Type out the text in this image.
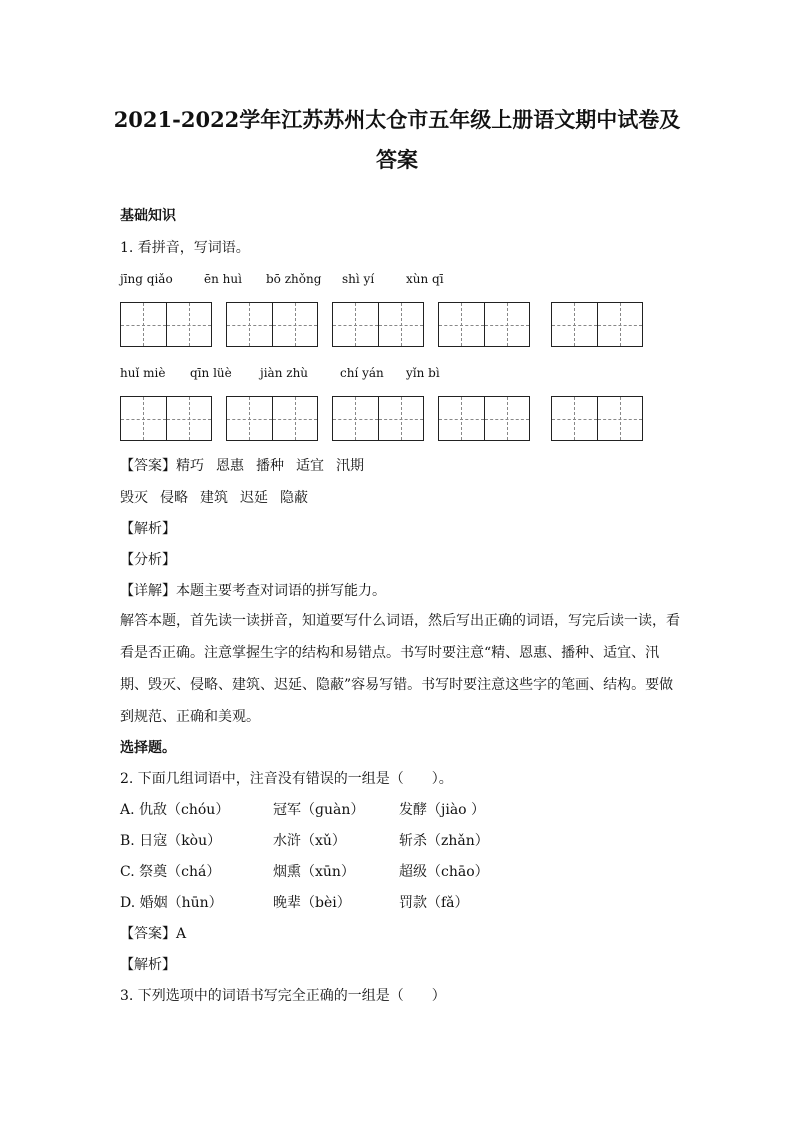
2021-2022学年江苏苏州太仓市五年级上册语文期中试卷及
答案
基础知识
1. 看拼音，写词语。
jīng qiǎo	ēn huì bō zhǒng shì yí	xùn qī
huǐ miè qīn lüè jiàn zhù	chí yán yǐn bì
【答案】精巧 恩惠 播种 适宜 汛期
毁灭 侵略 建筑 迟延 隐蔽
【解析】
【分析】
【详解】本题主要考查对词语的拼写能力。
解答本题，首先读一读拼音，知道要写什么词语，然后写出正确的词语，写完后读一读，看看是否正确。注意掌握生字的结构和易错点。书写时要注意“精、恩惠、播种、适宜、汛期、毁灭、侵略、建筑、迟延、隐蔽”容易写错。书写时要注意这些字的笔画、结构。要做到规范、正确和美观。
选择题。
2. 下面几组词语中，注音没有错误的一组是（　　）。
A. 仇敌（chóu）	冠军（ɡuàn） 发酵（jiào ）
B. 日寇（kòu）	水浒（xǔ）	斩杀（zhǎn）
C. 祭奠（chá）	烟熏（xūn）	超级（chāo）
D. 婚姻（hūn）	晚辈（bèi）	罚款（fǎ）
【答案】A
【解析】
3. 下列选项中的词语书写完全正确的一组是（　　）
